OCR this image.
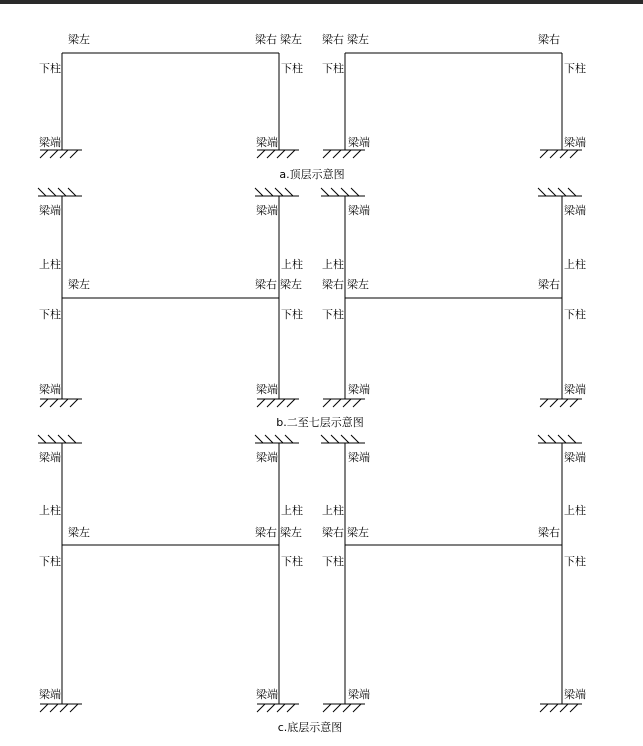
梁左	梁右 梁左 梁右 梁左	梁右
下柱	下柱 下柱	下柱
梁端	梁端	梁端	梁端
a.顶层示意图
梁端	梁端	梁端	梁端
上柱	上柱 上柱	上柱
梁左	梁右 梁左 梁右 梁左	梁右
下柱	下柱 下柱	下柱
梁端	梁端	梁端	梁端
b.二至七层示意图
梁端	梁端	梁端	梁端
上柱	上柱 上柱	上柱
梁左	梁右 梁左 梁右 梁左	梁右
下柱	下柱 下柱	下柱
梁端	梁端	梁端	梁端
c.底层示意图
